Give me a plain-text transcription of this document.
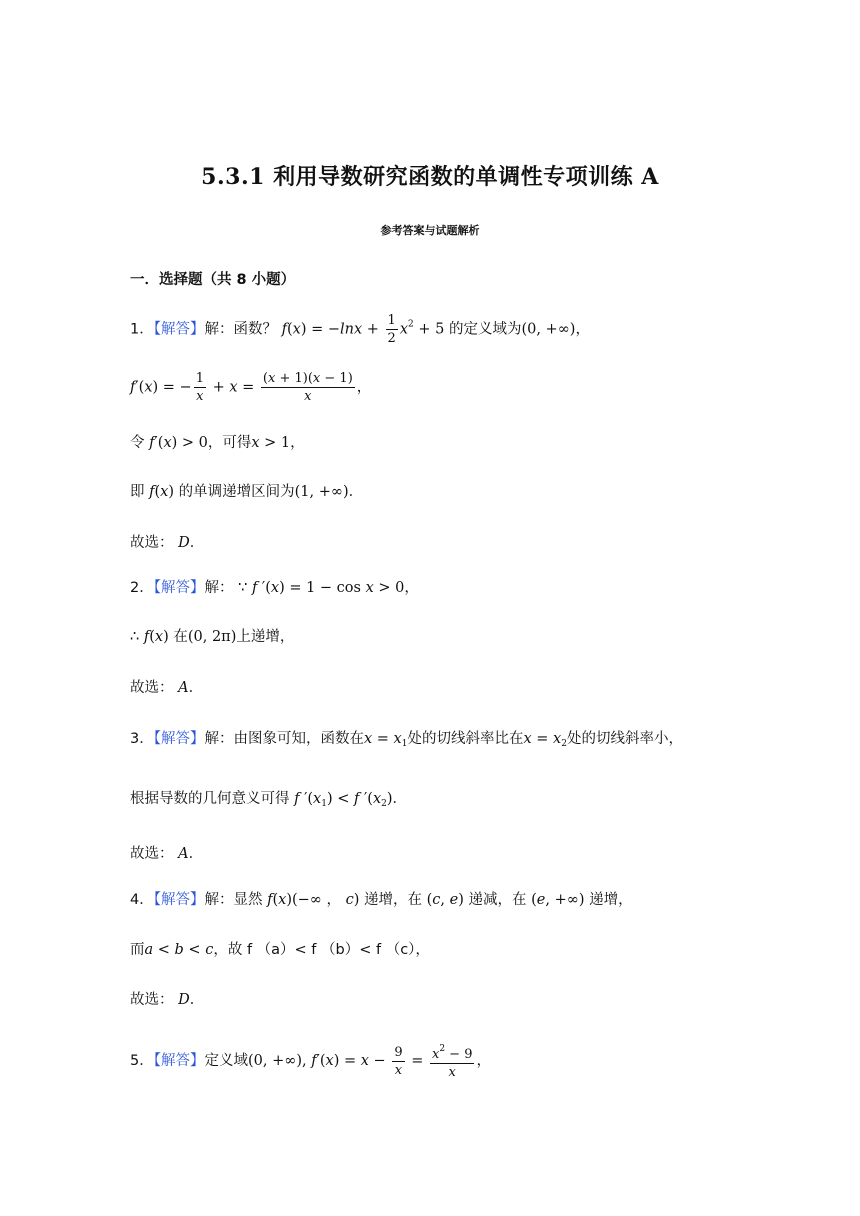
5.3.1 利用导数研究函数的单调性专项训练 A
参考答案与试题解析
一．选择题（共 8 小题）
1．【解答】解：函数？ $f(x) = -\ln x + \frac{1}{2} x^2 + 5$ 的定义域为(0, +∞)，
f′(x) = − $\frac{1}{x} + x = \frac{(x + 1)(x - 1)}{x}$ ，
令 f′(x) > 0，可得x > 1，
即 f(x) 的单调递增区间为(1, +∞)．
故选： D．
2．【解答】解： ∵ f ′(x) = 1 − cos x > 0，
∴ f(x) 在(0, 2π)上递增，
故选： A．
3．【解答】解：由图象可知，函数在$x = x_1$处的切线斜率比在$x = x_2$处的切线斜率小，
根据导数的几何意义可得 f $'(x_1) < f$ $'(x_2)$．
故选： A．
4．【解答】解：显然 f(x)(−∞ ， c) 递增，在 (c, e) 递减，在 (e, +∞) 递增，
而a < b < c，故 f （a）< f （b）< f （c），
故选： D．
5．【解答】定义域(0, +∞), $f'(x) = x - \frac{9}{x} = \frac{x^2 - 9}{x}$ ，
